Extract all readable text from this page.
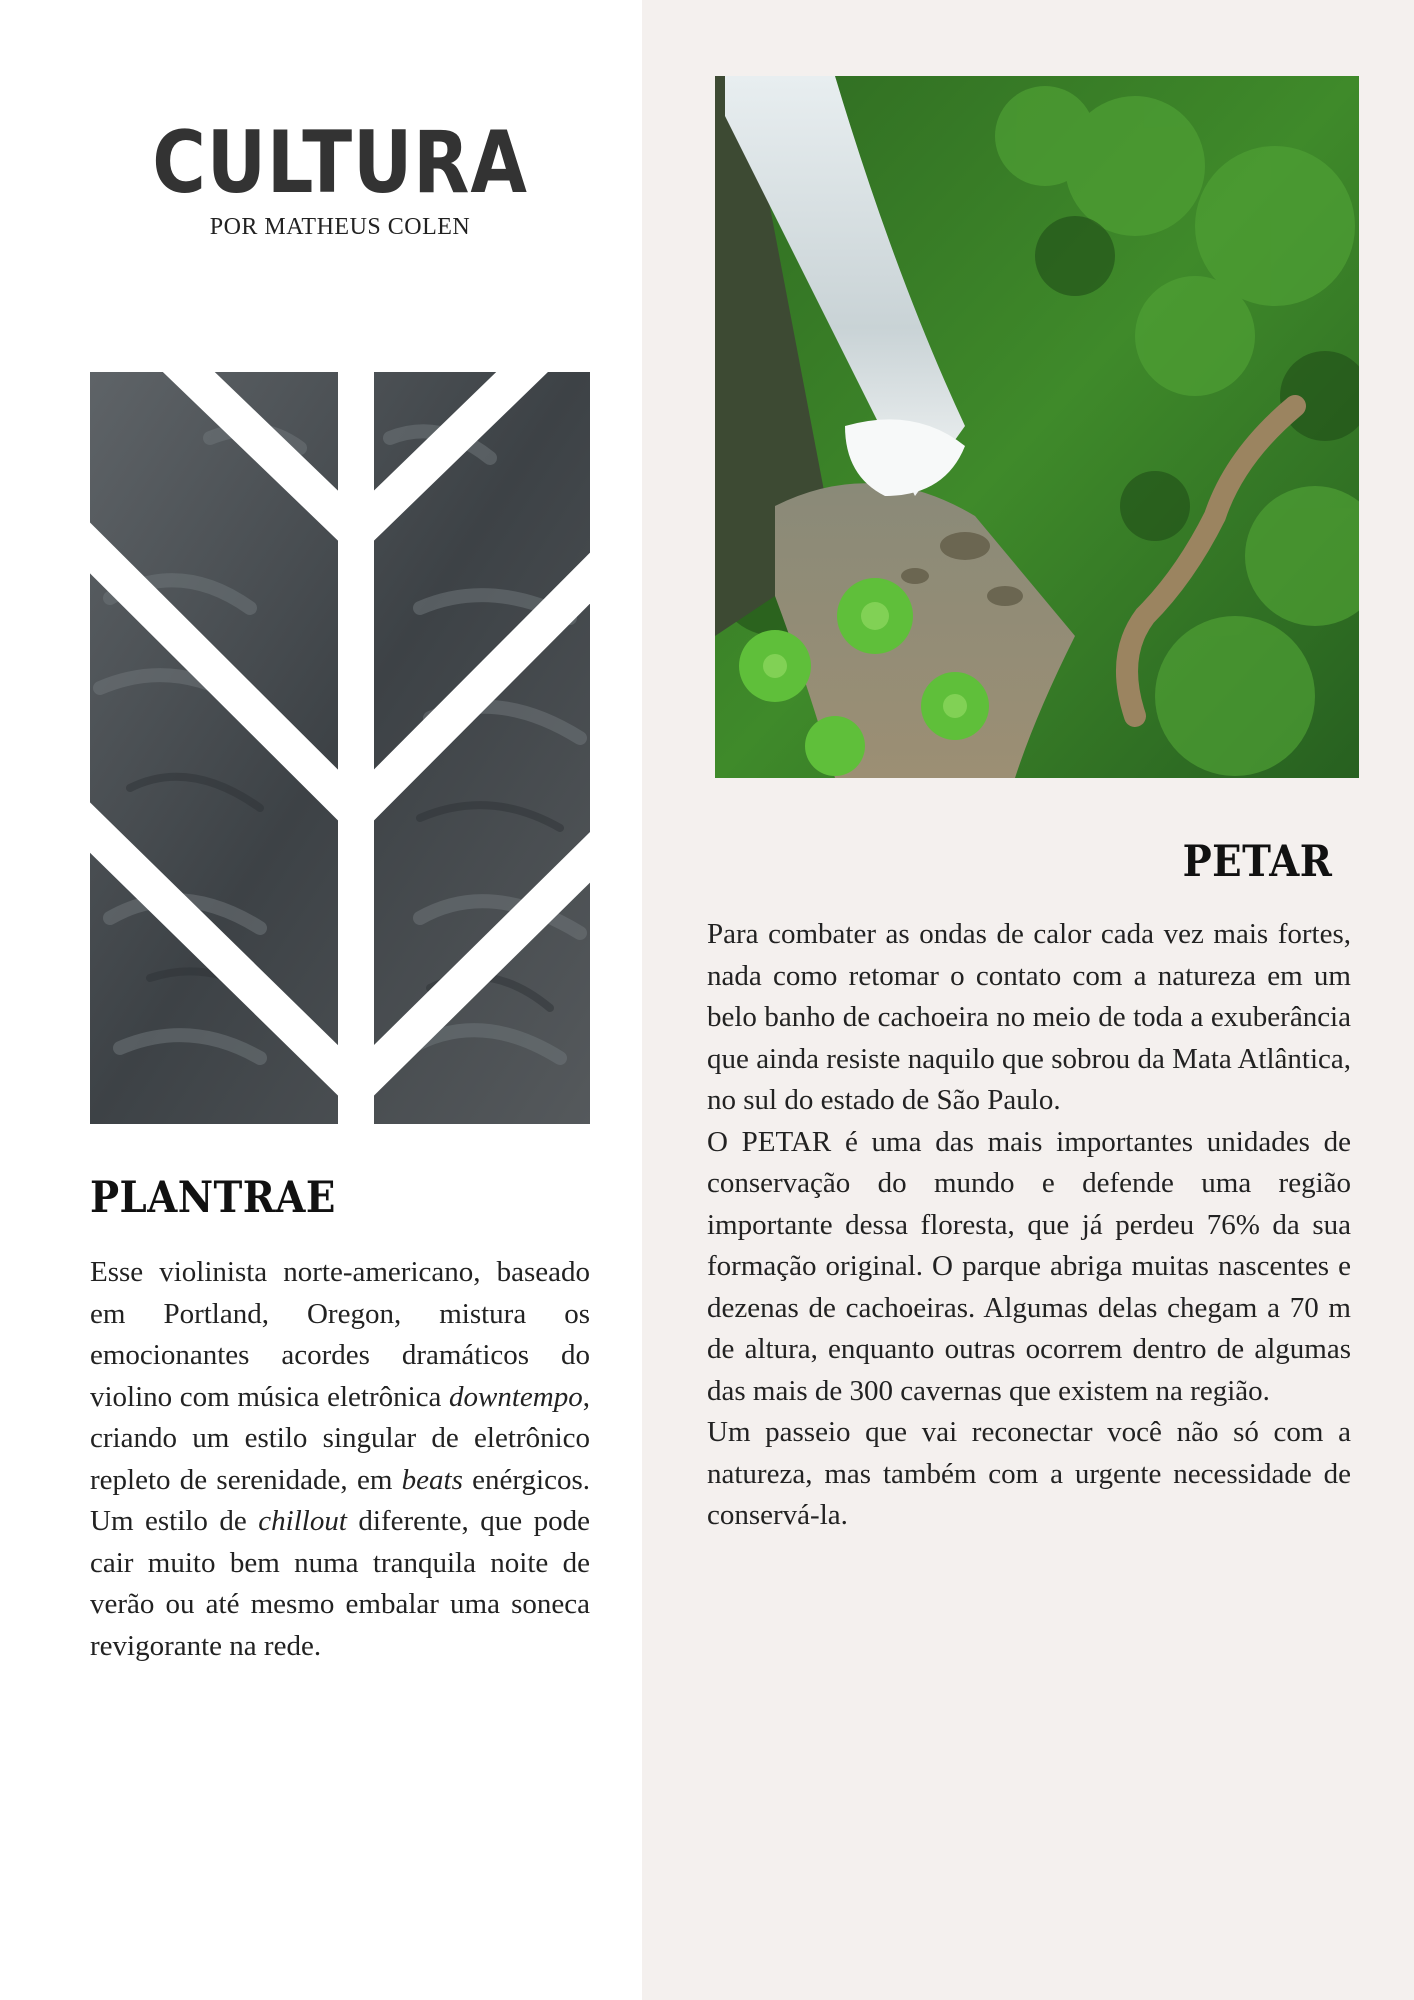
CULTURA
POR MATHEUS COLEN
PETAR

Para combater as ondas de calor cada vez mais fortes, nada como retomar o contato com a natureza em um belo banho de cachoeira no meio de toda a exuberância que ainda resiste naquilo que sobrou da Mata Atlântica, no sul do estado de São Paulo.

O PETAR é uma das mais importantes unidades de conservação do mundo e defende uma região importante dessa floresta, que já perdeu 76% da sua formação original. O parque abriga muitas nascentes e dezenas de cachoeiras. Algumas delas chegam a 70 m de altura, enquanto outras ocorrem dentro de algumas das mais de 300 cavernas que existem na região.

Um passeio que vai reconectar você não só com a natureza, mas também com a urgente necessidade de conservá-la.

PLANTRAE

Esse violinista norte-americano, baseado em Portland, Oregon, mistura os emocionantes acordes dramáticos do violino com música eletrônica downtempo, criando um estilo singular de eletrônico repleto de serenidade, em beats enérgicos. Um estilo de chillout diferente, que pode cair muito bem numa tranquila noite de verão ou até mesmo embalar uma soneca revigorante na rede.
